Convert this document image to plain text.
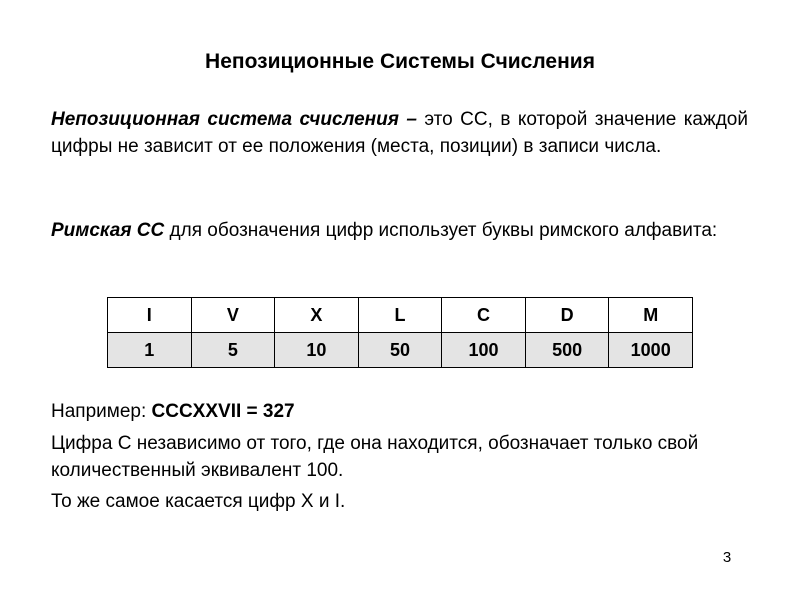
Непозиционные Системы Счисления

Непозиционная система счисления – это СС, в которой значение каждой цифры не зависит от ее положения (места, позиции) в записи числа.

Римская СС для обозначения цифр использует буквы римского алфавита:

I	V	X	L	C	D	M
1	5	10	50	100	500	1000

Например: CCCXXVII = 327

Цифра С независимо от того, где она находится, обозначает только свой количественный эквивалент 100.

То же самое касается цифр Х и I.

3
